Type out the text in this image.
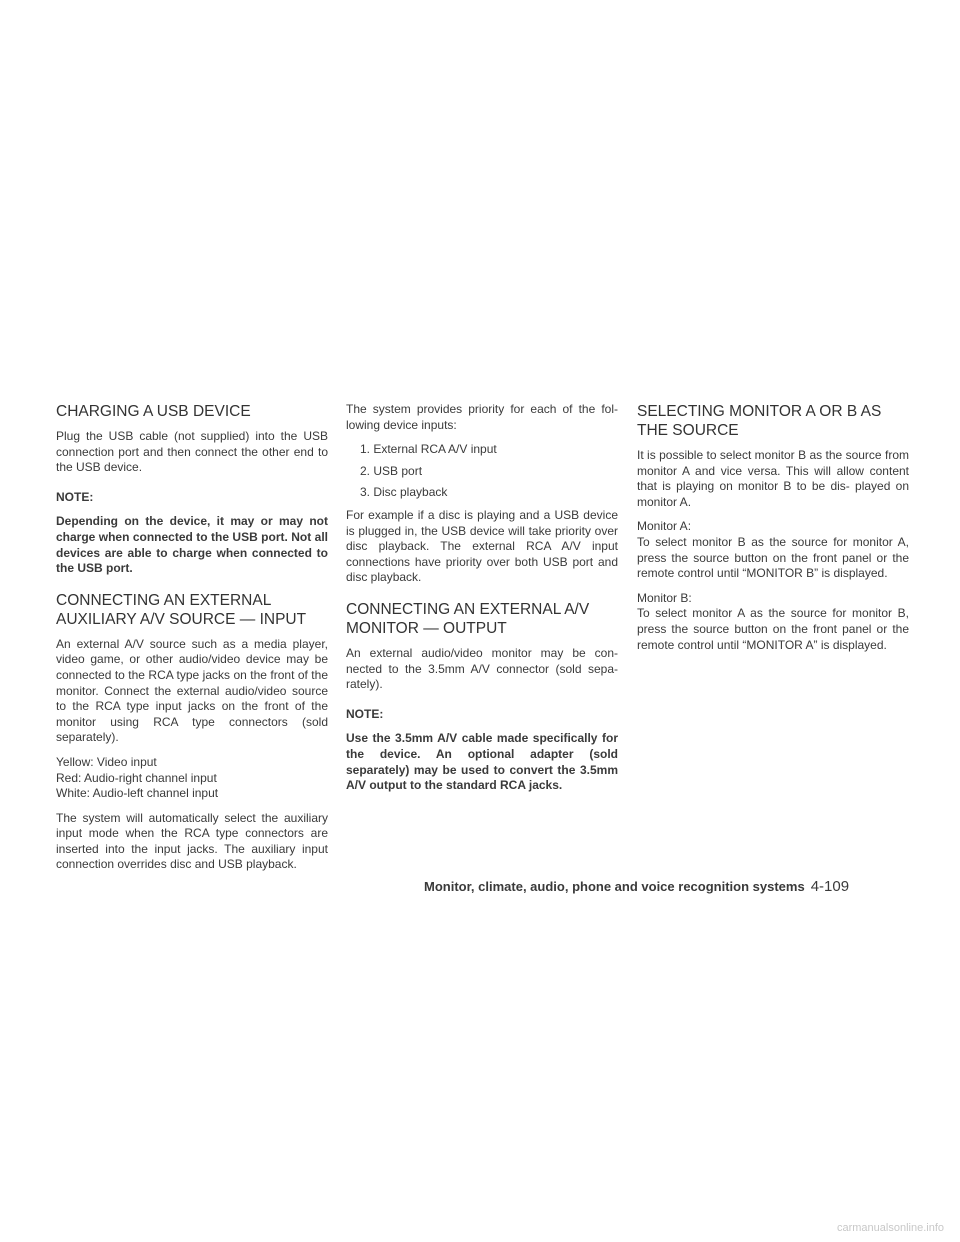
CHARGING A USB DEVICE

Plug the USB cable (not supplied) into the USB connection port and then connect the other end to the USB device.

NOTE:

Depending on the device, it may or may not charge when connected to the USB port. Not all devices are able to charge when connected to the USB port.

CONNECTING AN EXTERNAL
AUXILIARY A/V SOURCE — INPUT

An external A/V source such as a media player, video game, or other audio/video device may be connected to the RCA type jacks on the front of the monitor. Connect the external audio/video source to the RCA type input jacks on the front of the monitor using RCA type connectors (sold separately).

Yellow: Video input
Red: Audio-right channel input
White: Audio-left channel input

The system will automatically select the auxiliary input mode when the RCA type connectors are inserted into the input jacks. The auxiliary input connection overrides disc and USB playback.

The system provides priority for each of the fol- lowing device inputs:

1. External RCA A/V input
2. USB port
3. Disc playback

For example if a disc is playing and a USB device is plugged in, the USB device will take priority over disc playback. The external RCA A/V input connections have priority over both USB port and disc playback.

CONNECTING AN EXTERNAL A/V
MONITOR — OUTPUT

An external audio/video monitor may be con- nected to the 3.5mm A/V connector (sold sepa- rately).

NOTE:

Use the 3.5mm A/V cable made specifically for the device. An optional adapter (sold separately) may be used to convert the 3.5mm A/V output to the standard RCA jacks.

SELECTING MONITOR A OR B AS
THE SOURCE

It is possible to select monitor B as the source from monitor A and vice versa. This will allow content that is playing on monitor B to be dis- played on monitor A.

Monitor A:
To select monitor B as the source for monitor A, press the source button on the front panel or the remote control until “MONITOR B” is displayed.

Monitor B:
To select monitor A as the source for monitor B, press the source button on the front panel or the remote control until “MONITOR A” is displayed.

Monitor, climate, audio, phone and voice recognition systems 4-109
carmanualsonline.info
